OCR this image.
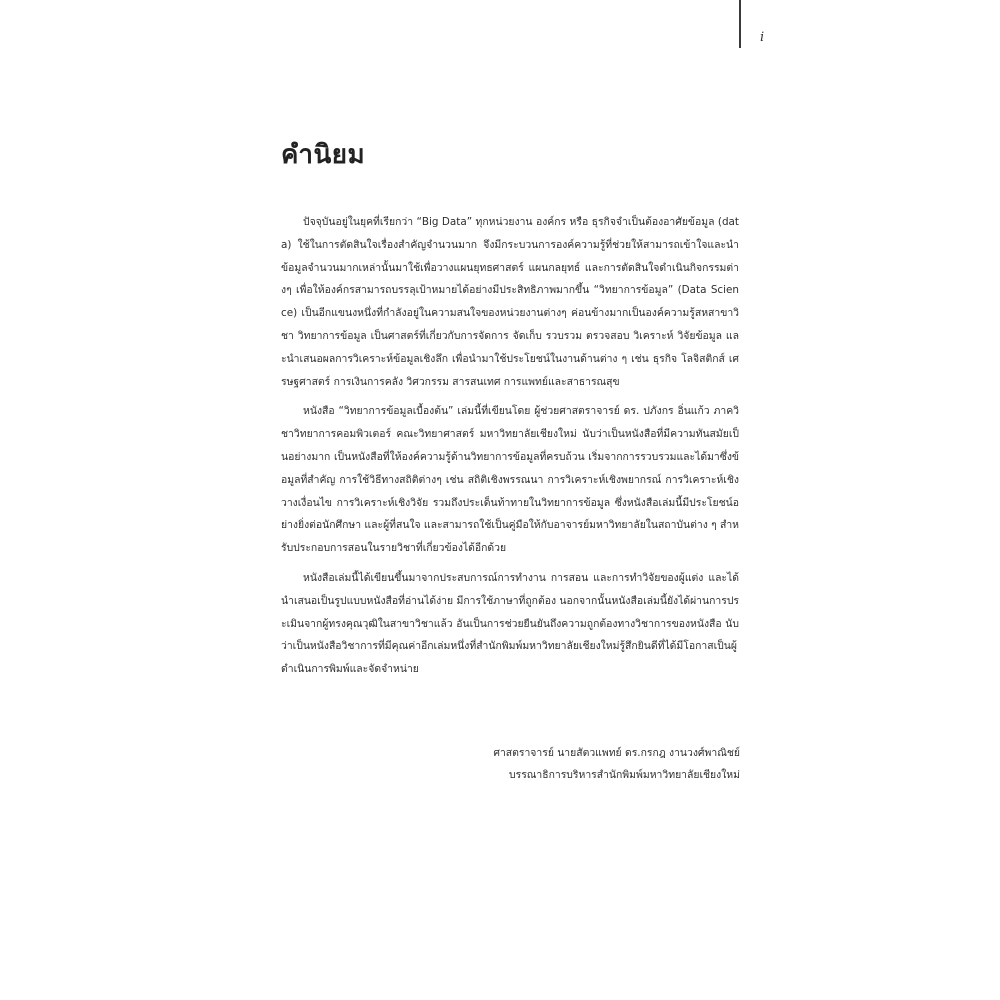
i
คำนิยม

ปัจจุบันอยู่ในยุคที่เรียกว่า “Big Data” ทุกหน่วยงาน องค์กร หรือ ธุรกิจจำเป็นต้องอาศัยข้อมูล (data) ใช้ในการตัดสินใจเรื่องสำคัญจำนวนมาก จึงมีกระบวนการองค์ความรู้ที่ช่วยให้สามารถเข้าใจและนำข้อมูลจำนวนมากเหล่านั้นมาใช้เพื่อวางแผนยุทธศาสตร์ แผนกลยุทธ์ และการตัดสินใจดำเนินกิจกรรมต่างๆ เพื่อให้องค์กรสามารถบรรลุเป้าหมายได้อย่างมีประสิทธิภาพมากขึ้น “วิทยาการข้อมูล” (Data Science) เป็นอีกแขนงหนึ่งที่กำลังอยู่ในความสนใจของหน่วยงานต่างๆ ค่อนข้างมากเป็นองค์ความรู้สหสาขาวิชา วิทยาการข้อมูล เป็นศาสตร์ที่เกี่ยวกับการจัดการ จัดเก็บ รวบรวม ตรวจสอบ วิเคราะห์ วิจัยข้อมูล และนำเสนอผลการวิเคราะห์ข้อมูลเชิงลึก เพื่อนำมาใช้ประโยชน์ในงานด้านต่าง ๆ เช่น ธุรกิจ โลจิสติกส์ เศรษฐศาสตร์ การเงินการคลัง วิศวกรรม สารสนเทศ การแพทย์และสาธารณสุข

หนังสือ “วิทยาการข้อมูลเบื้องต้น” เล่มนี้ที่เขียนโดย ผู้ช่วยศาสตราจารย์ ดร. ปภังกร อิ่นแก้ว ภาควิชาวิทยาการคอมพิวเตอร์ คณะวิทยาศาสตร์ มหาวิทยาลัยเชียงใหม่ นับว่าเป็นหนังสือที่มีความทันสมัยเป็นอย่างมาก เป็นหนังสือที่ให้องค์ความรู้ด้านวิทยาการข้อมูลที่ครบถ้วน เริ่มจากการรวบรวมและได้มาซึ่งข้อมูลที่สำคัญ การใช้วิธีทางสถิติต่างๆ เช่น สถิติเชิงพรรณนา การวิเคราะห์เชิงพยากรณ์ การวิเคราะห์เชิงวางเงื่อนไข การวิเคราะห์เชิงวิจัย รวมถึงประเด็นท้าทายในวิทยาการข้อมูล ซึ่งหนังสือเล่มนี้มีประโยชน์อย่างยิ่งต่อนักศึกษา และผู้ที่สนใจ และสามารถใช้เป็นคู่มือให้กับอาจารย์มหาวิทยาลัยในสถาบันต่าง ๆ สำหรับประกอบการสอนในรายวิชาที่เกี่ยวข้องได้อีกด้วย

หนังสือเล่มนี้ได้เขียนขึ้นมาจากประสบการณ์การทำงาน การสอน และการทำวิจัยของผู้แต่ง และได้นำเสนอเป็นรูปแบบหนังสือที่อ่านได้ง่าย มีการใช้ภาษาที่ถูกต้อง นอกจากนั้นหนังสือเล่มนี้ยังได้ผ่านการประเมินจากผู้ทรงคุณวุฒิในสาขาวิชาแล้ว อันเป็นการช่วยยืนยันถึงความถูกต้องทางวิชาการของหนังสือ นับว่าเป็นหนังสือวิชาการที่มีคุณค่าอีกเล่มหนึ่งที่สำนักพิมพ์มหาวิทยาลัยเชียงใหม่รู้สึกยินดีที่ได้มีโอกาสเป็นผู้ดำเนินการพิมพ์และจัดจำหน่าย

ศาสตราจารย์ นายสัตวแพทย์ ดร.กรกฎ งานวงศ์พาณิชย์
บรรณาธิการบริหารสำนักพิมพ์มหาวิทยาลัยเชียงใหม่
